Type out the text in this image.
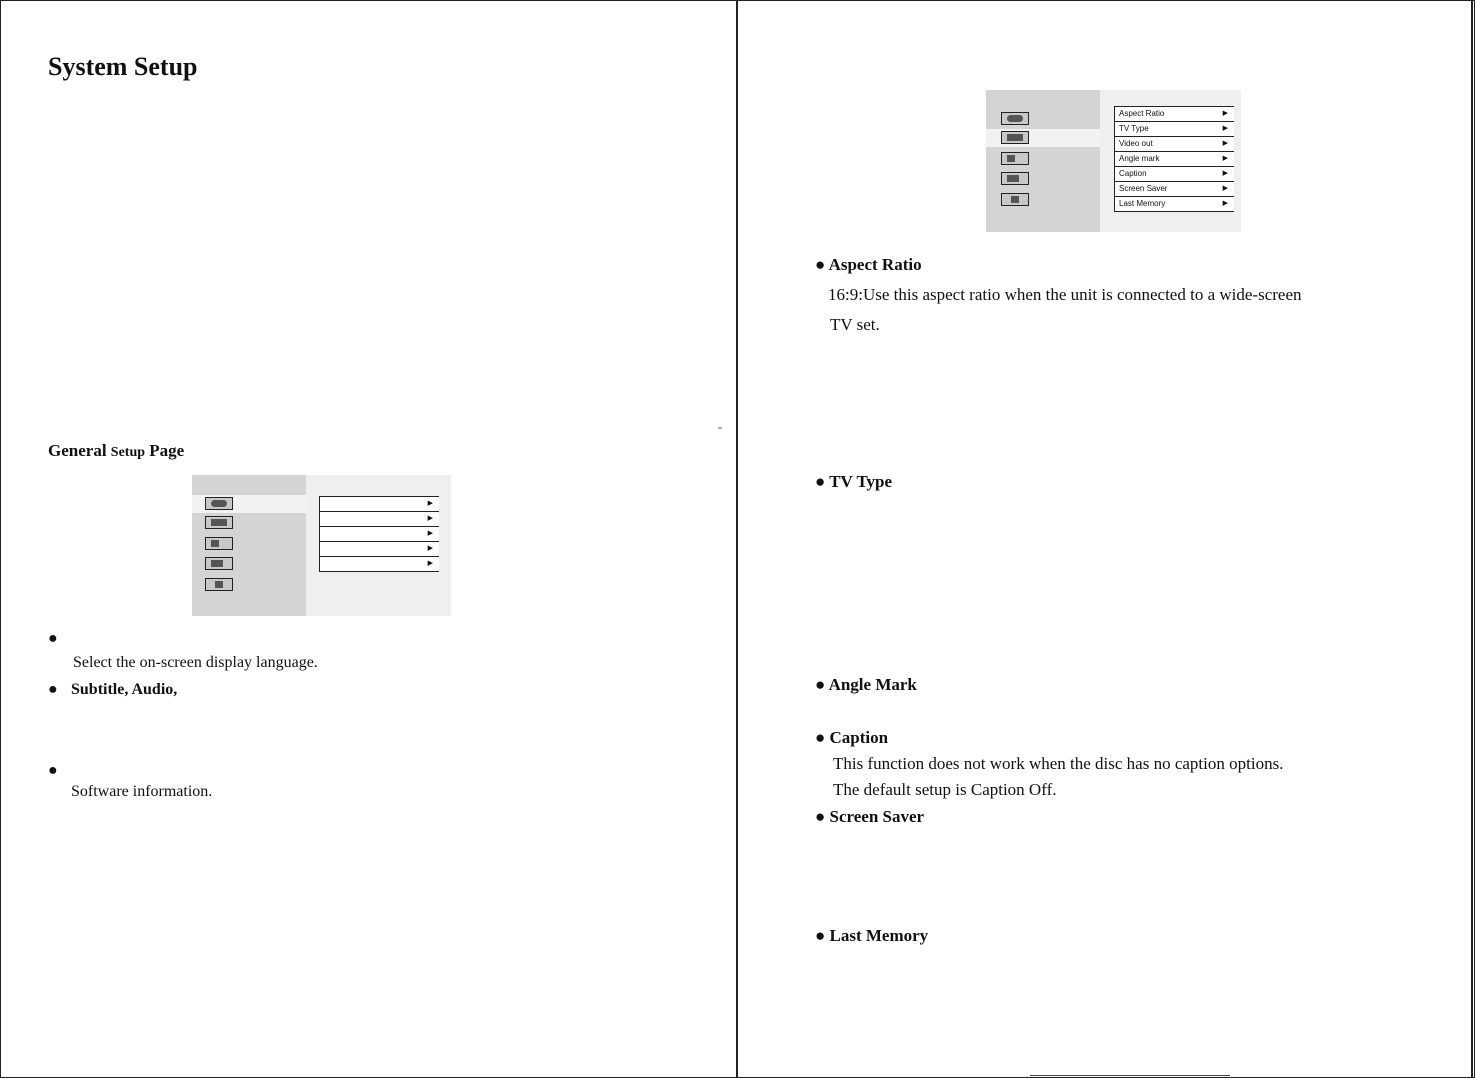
System Setup
General Setup Page
-
▶
▶
▶
▶
▶
●
Select the on-screen display language.
● Subtitle, Audio,
●
Software information.
Aspect Ratio	▶
TV Type	▶
Video out	▶
Angle mark	▶
Caption	▶
Screen Saver	▶
Last Memory	▶
● Aspect Ratio
16:9:Use this aspect ratio when the unit is connected to a wide-screen
TV set.
● TV Type
● Angle Mark
● Caption
This function does not work when the disc has no caption options.
The default setup is Caption Off.
● Screen Saver
● Last Memory
